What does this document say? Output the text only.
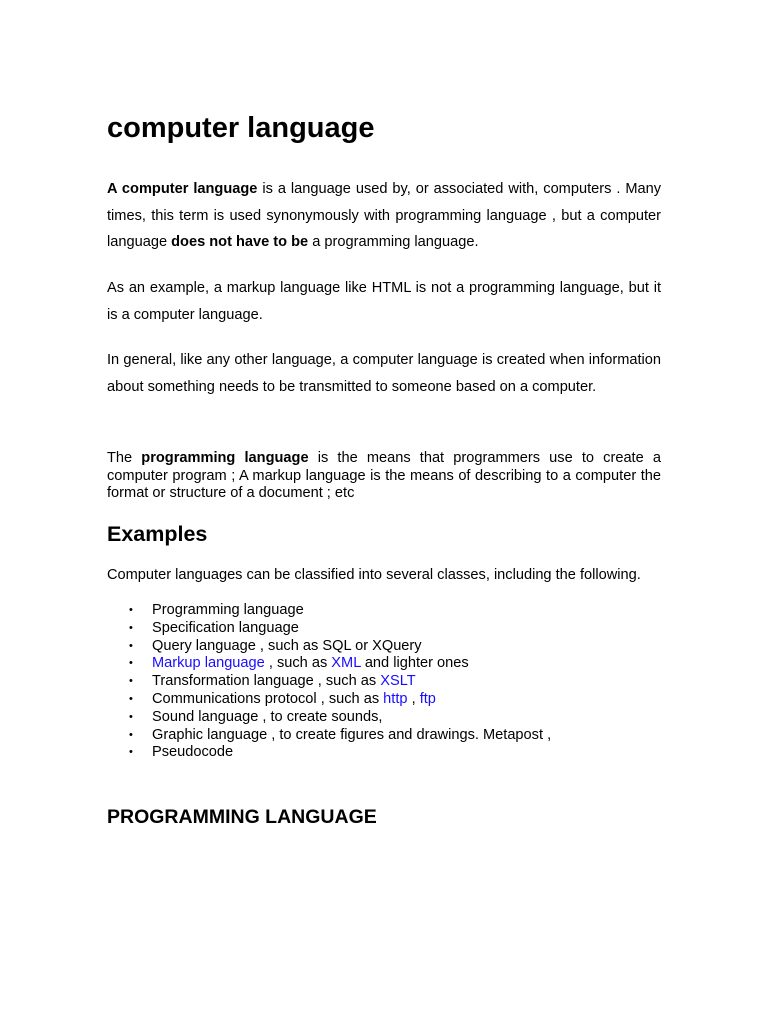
computer language

A computer language is a language used by, or associated with, computers . Many times, this term is used synonymously with programming language , but a computer language does not have to be a programming language.

As an example, a markup language like HTML is not a programming language, but it is a computer language.

In general, like any other language, a computer language is created when information about something needs to be transmitted to someone based on a computer.

The programming language is the means that programmers use to create a computer program ; A markup language is the means of describing to a computer the format or structure of a document ; etc

Examples

Computer languages can be classified into several classes, including the following.

• Programming language
• Specification language
• Query language , such as SQL or XQuery
• Markup language , such as XML and lighter ones
• Transformation language , such as XSLT
• Communications protocol , such as http , ftp
• Sound language , to create sounds,
• Graphic language , to create figures and drawings. Metapost ,
• Pseudocode
PROGRAMMING LANGUAGE
